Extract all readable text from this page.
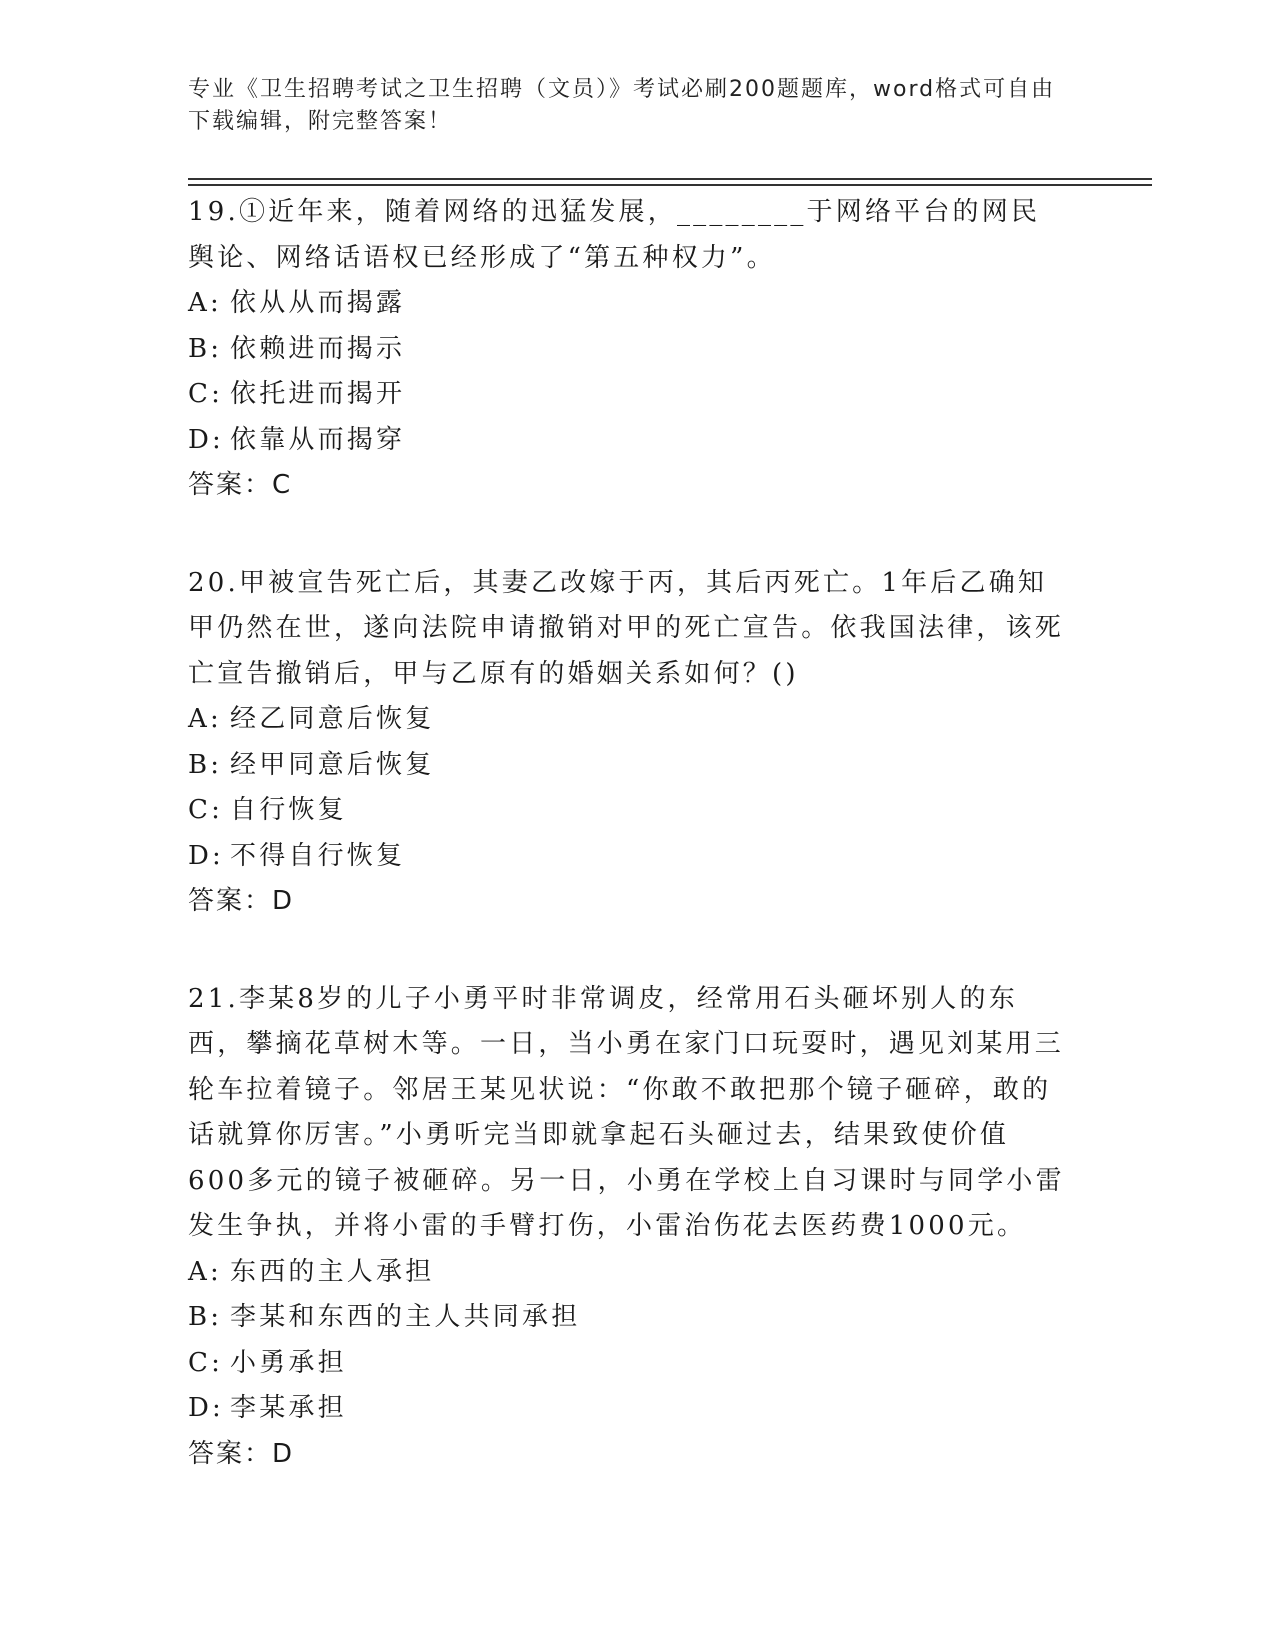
专业《卫生招聘考试之卫生招聘（文员）》考试必刷200题题库，word格式可自由下载编辑，附完整答案！

19.①近年来，随着网络的迅猛发展，________于网络平台的网民舆论、网络话语权已经形成了“第五种权力”。

A: 依从从而揭露

B: 依赖进而揭示

C: 依托进而揭开

D: 依靠从而揭穿

答案：C

20.甲被宣告死亡后，其妻乙改嫁于丙，其后丙死亡。1年后乙确知甲仍然在世，遂向法院申请撤销对甲的死亡宣告。依我国法律，该死亡宣告撤销后，甲与乙原有的婚姻关系如何？()

A: 经乙同意后恢复

B: 经甲同意后恢复

C: 自行恢复

D: 不得自行恢复

答案：D

21.李某8岁的儿子小勇平时非常调皮，经常用石头砸坏别人的东西，攀摘花草树木等。一日，当小勇在家门口玩耍时，遇见刘某用三轮车拉着镜子。邻居王某见状说：“你敢不敢把那个镜子砸碎，敢的话就算你厉害。”小勇听完当即就拿起石头砸过去，结果致使价值600多元的镜子被砸碎。另一日，小勇在学校上自习课时与同学小雷发生争执，并将小雷的手臂打伤，小雷治伤花去医药费1000元。

A: 东西的主人承担

B: 李某和东西的主人共同承担

C: 小勇承担

D: 李某承担

答案：D
